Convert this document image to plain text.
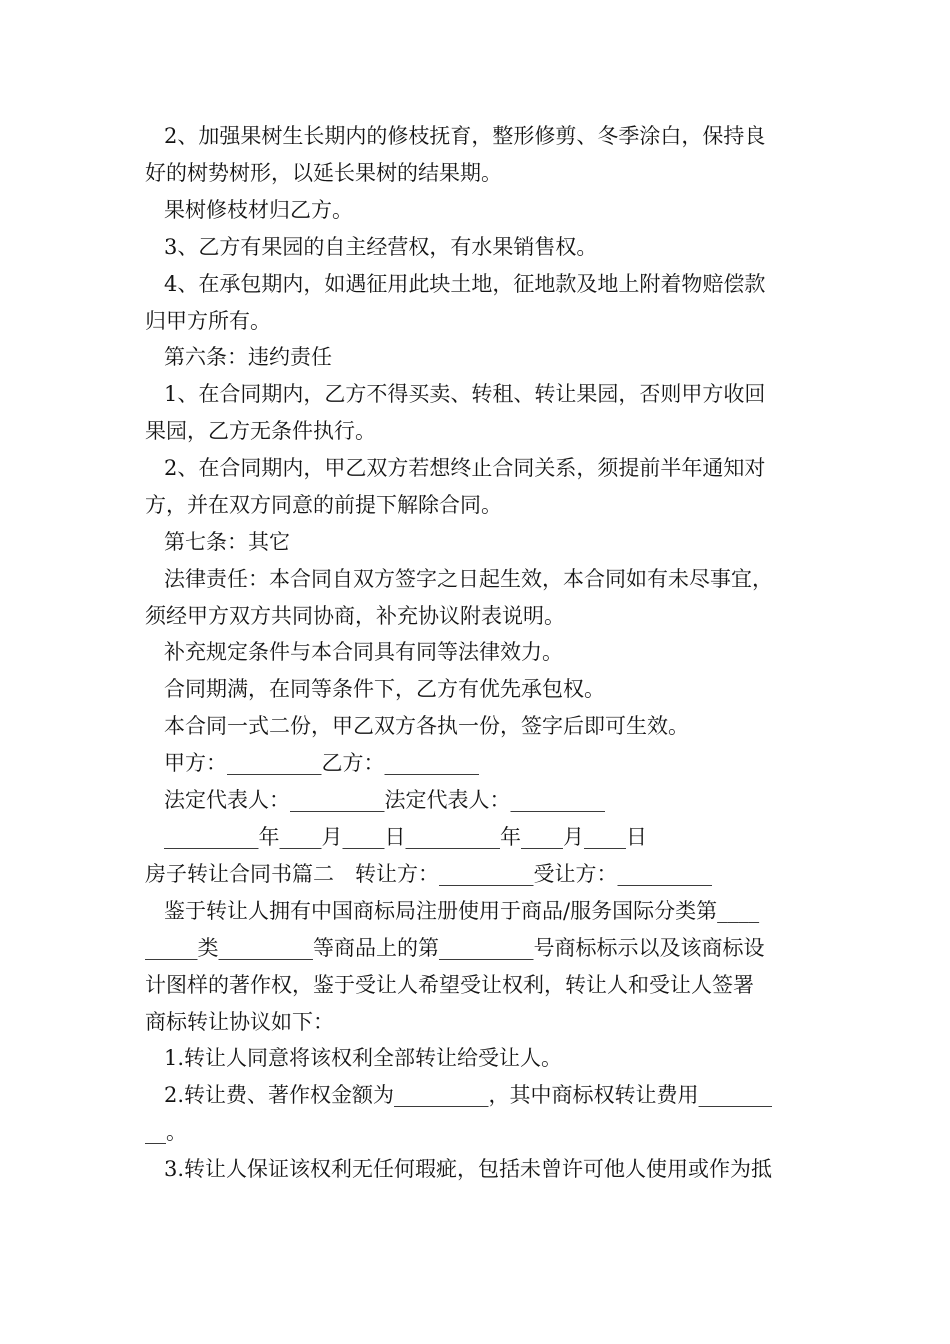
2、加强果树生长期内的修枝抚育，整形修剪、冬季涂白，保持良
好的树势树形，以延长果树的结果期。
果树修枝材归乙方。
3、乙方有果园的自主经营权，有水果销售权。
4、在承包期内，如遇征用此块土地，征地款及地上附着物赔偿款
归甲方所有。
第六条：违约责任
1、在合同期内，乙方不得买卖、转租、转让果园，否则甲方收回
果园，乙方无条件执行。
2、在合同期内，甲乙双方若想终止合同关系，须提前半年通知对
方，并在双方同意的前提下解除合同。
第七条：其它
法律责任：本合同自双方签字之日起生效，本合同如有未尽事宜，
须经甲方双方共同协商，补充协议附表说明。
补充规定条件与本合同具有同等法律效力。
合同期满，在同等条件下，乙方有优先承包权。
本合同一式二份，甲乙双方各执一份，签字后即可生效。
甲方：_________乙方：_________
法定代表人：_________法定代表人：_________
_________年____月____日_________年____月____日
房子转让合同书篇二　转让方：_________受让方：_________
鉴于转让人拥有中国商标局注册使用于商品/服务国际分类第____
_____类_________等商品上的第_________号商标标示以及该商标设
计图样的著作权，鉴于受让人希望受让权利，转让人和受让人签署
商标转让协议如下：
1.转让人同意将该权利全部转让给受让人。
2.转让费、著作权金额为_________，其中商标权转让费用_______
__。
3.转让人保证该权利无任何瑕疵，包括未曾许可他人使用或作为抵
